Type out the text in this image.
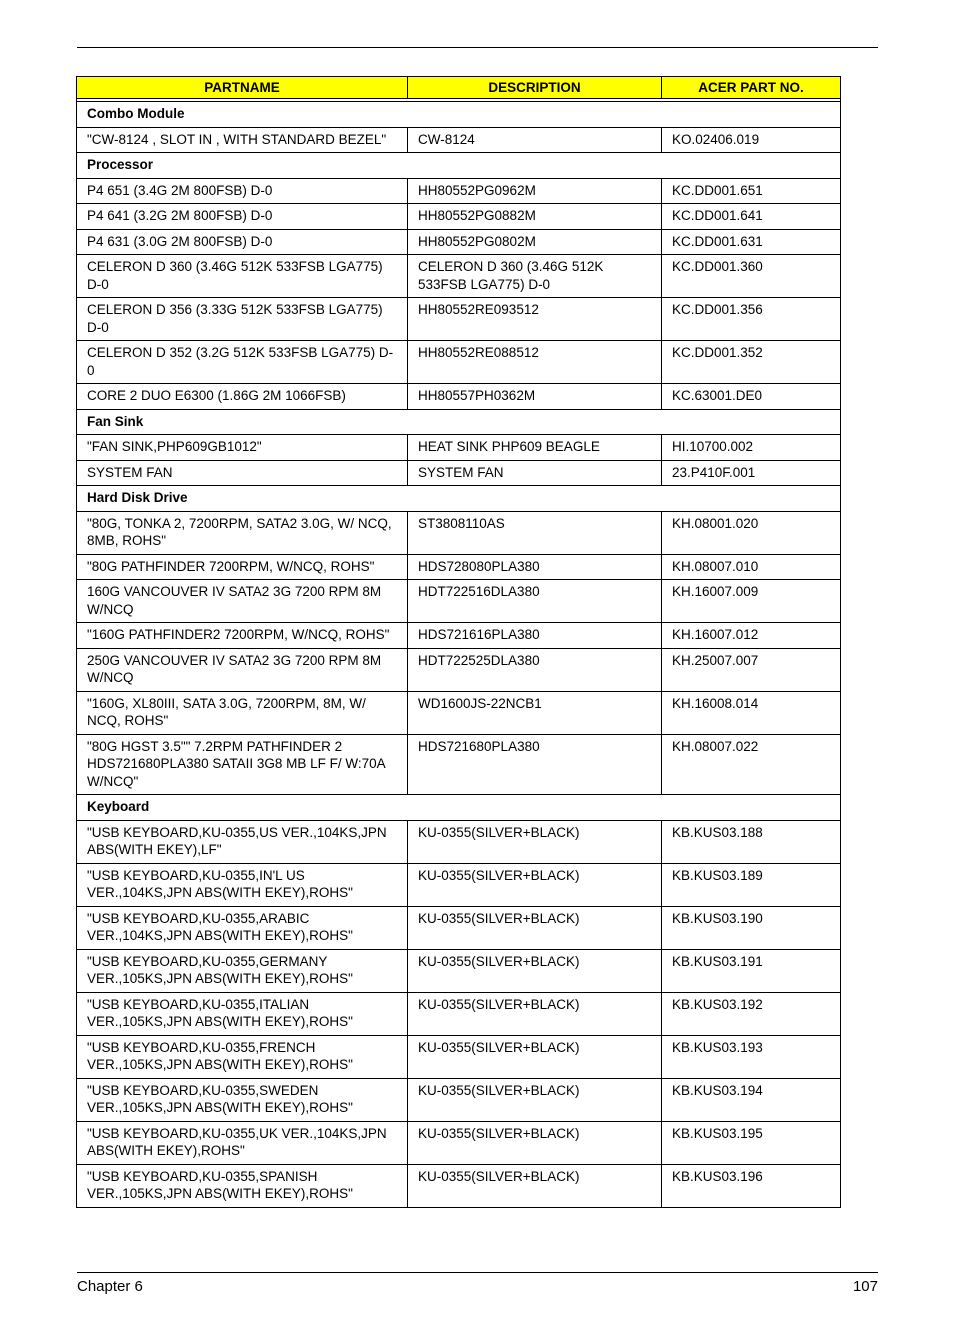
PARTNAME	DESCRIPTION	ACER PART NO.

Combo Module		
"CW-8124 , SLOT IN , WITH STANDARD BEZEL"	CW-8124	KO.02406.019
Processor		
P4 651 (3.4G 2M 800FSB) D-0	HH80552PG0962M	KC.DD001.651
P4 641 (3.2G 2M 800FSB) D-0	HH80552PG0882M	KC.DD001.641
P4 631 (3.0G 2M 800FSB) D-0	HH80552PG0802M	KC.DD001.631
CELERON D 360 (3.46G 512K 533FSB LGA775) D-0	CELERON D 360 (3.46G 512K 533FSB LGA775) D-0	KC.DD001.360
CELERON D 356 (3.33G 512K 533FSB LGA775) D-0	HH80552RE093512	KC.DD001.356
CELERON D 352 (3.2G 512K 533FSB LGA775) D-0	HH80552RE088512	KC.DD001.352
CORE 2 DUO E6300 (1.86G 2M 1066FSB)	HH80557PH0362M	KC.63001.DE0
Fan Sink		
"FAN SINK,PHP609GB1012"	HEAT SINK PHP609 BEAGLE	HI.10700.002
SYSTEM FAN	SYSTEM FAN	23.P410F.001
Hard Disk Drive		
"80G, TONKA 2, 7200RPM, SATA2 3.0G, W/ NCQ, 8MB, ROHS"	ST3808110AS	KH.08001.020
"80G PATHFINDER 7200RPM, W/NCQ, ROHS"	HDS728080PLA380	KH.08007.010
160G VANCOUVER IV SATA2 3G 7200 RPM 8M W/NCQ	HDT722516DLA380	KH.16007.009
"160G PATHFINDER2 7200RPM, W/NCQ, ROHS"	HDS721616PLA380	KH.16007.012
250G VANCOUVER IV SATA2 3G 7200 RPM 8M W/NCQ	HDT722525DLA380	KH.25007.007
"160G, XL80III, SATA 3.0G, 7200RPM, 8M, W/ NCQ, ROHS"	WD1600JS-22NCB1	KH.16008.014
"80G HGST 3.5"" 7.2RPM PATHFINDER 2 HDS721680PLA380 SATAII 3G8 MB LF F/ W:70A W/NCQ"	HDS721680PLA380	KH.08007.022
Keyboard		
"USB KEYBOARD,KU-0355,US VER.,104KS,JPN ABS(WITH EKEY),LF"	KU-0355(SILVER+BLACK)	KB.KUS03.188
"USB KEYBOARD,KU-0355,IN'L US VER.,104KS,JPN ABS(WITH EKEY),ROHS"	KU-0355(SILVER+BLACK)	KB.KUS03.189
"USB KEYBOARD,KU-0355,ARABIC VER.,104KS,JPN ABS(WITH EKEY),ROHS"	KU-0355(SILVER+BLACK)	KB.KUS03.190
"USB KEYBOARD,KU-0355,GERMANY VER.,105KS,JPN ABS(WITH EKEY),ROHS"	KU-0355(SILVER+BLACK)	KB.KUS03.191
"USB KEYBOARD,KU-0355,ITALIAN VER.,105KS,JPN ABS(WITH EKEY),ROHS"	KU-0355(SILVER+BLACK)	KB.KUS03.192
"USB KEYBOARD,KU-0355,FRENCH VER.,105KS,JPN ABS(WITH EKEY),ROHS"	KU-0355(SILVER+BLACK)	KB.KUS03.193
"USB KEYBOARD,KU-0355,SWEDEN VER.,105KS,JPN ABS(WITH EKEY),ROHS"	KU-0355(SILVER+BLACK)	KB.KUS03.194
"USB KEYBOARD,KU-0355,UK VER.,104KS,JPN ABS(WITH EKEY),ROHS"	KU-0355(SILVER+BLACK)	KB.KUS03.195
"USB KEYBOARD,KU-0355,SPANISH VER.,105KS,JPN ABS(WITH EKEY),ROHS"	KU-0355(SILVER+BLACK)	KB.KUS03.196
Chapter 6	107
